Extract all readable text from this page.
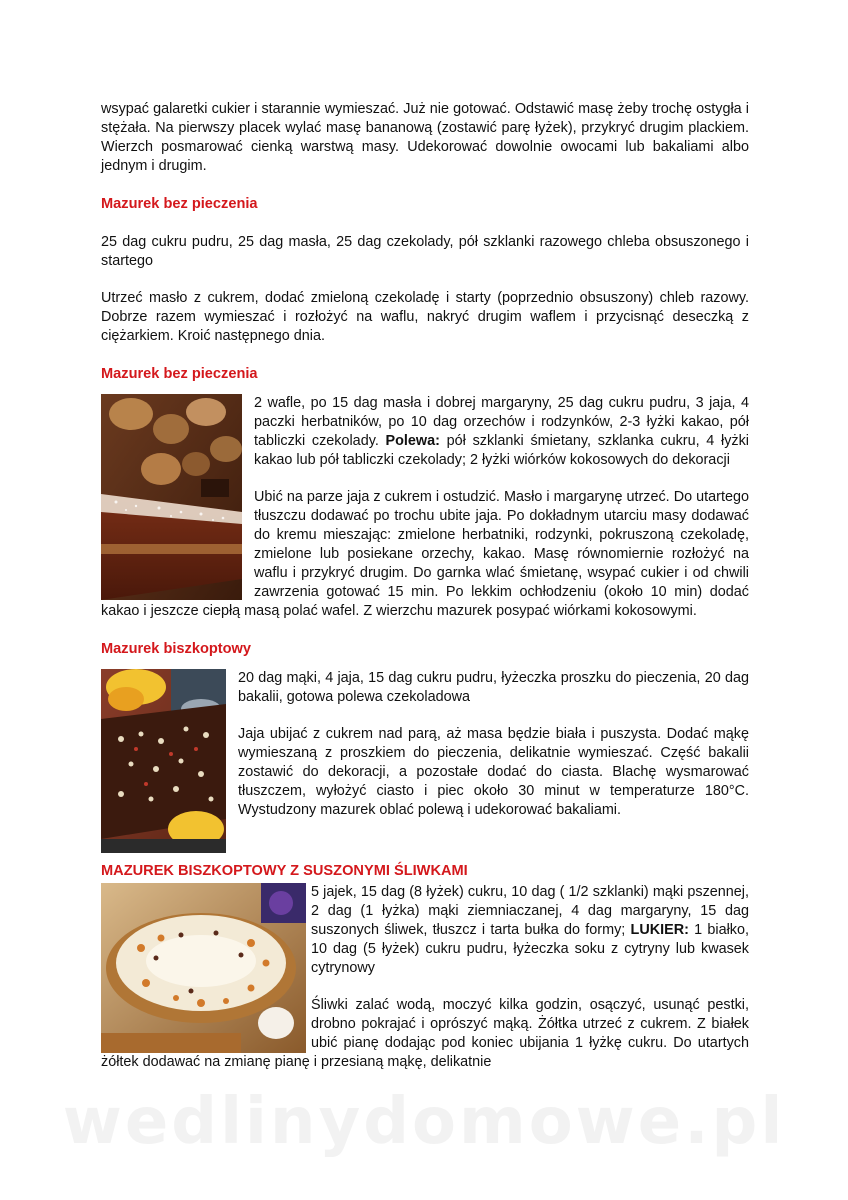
wsypać galaretki cukier i starannie wymieszać. Już nie gotować. Odstawić masę żeby trochę ostygła i stężała. Na pierwszy placek wylać masę bananową (zostawić parę łyżek), przykryć drugim plackiem. Wierzch posmarować cienką warstwą masy. Udekorować dowolnie owocami lub bakaliami albo jednym i drugim.

Mazurek bez pieczenia

25 dag cukru pudru, 25 dag masła, 25 dag czekolady, pół szklanki razowego chleba obsuszonego i startego

Utrzeć masło z cukrem, dodać zmieloną czekoladę i starty (poprzednio obsuszony) chleb razowy. Dobrze razem wymieszać i rozłożyć na waflu, nakryć drugim waflem i przycisnąć deseczką z ciężarkiem. Kroić następnego dnia.

Mazurek bez pieczenia

2 wafle, po 15 dag masła i dobrej margaryny, 25 dag cukru pudru, 3 jaja, 4 paczki herbatników, po 10 dag orzechów i rodzynków, 2-3 łyżki kakao, pół tabliczki czekolady. Polewa: pół szklanki śmietany, szklanka cukru, 4 łyżki kakao lub pół tabliczki czekolady; 2 łyżki wiórków kokosowych do dekoracji

Ubić na parze jaja z cukrem i ostudzić. Masło i margarynę utrzeć. Do utartego tłuszczu dodawać po trochu ubite jaja. Po dokładnym utarciu masy dodawać do kremu mieszając: zmielone herbatniki, rodzynki, pokruszoną czekoladę, zmielone lub posiekane orzechy, kakao. Masę równomiernie rozłożyć na waflu i przykryć drugim. Do garnka wlać śmietanę, wsypać cukier i od chwili zawrzenia gotować 15 min. Po lekkim ochłodzeniu (około 10 min) dodać kakao i jeszcze ciepłą masą polać wafel. Z wierzchu mazurek posypać wiórkami kokosowymi.

Mazurek biszkoptowy

20 dag mąki, 4 jaja, 15 dag cukru pudru, łyżeczka proszku do pieczenia, 20 dag bakalii, gotowa polewa czekoladowa

Jaja ubijać z cukrem nad parą, aż masa będzie biała i puszysta. Dodać mąkę wymieszaną z proszkiem do pieczenia, delikatnie wymieszać. Część bakalii zostawić do dekoracji, a pozostałe dodać do ciasta. Blachę wysmarować tłuszczem, wyłożyć ciasto i piec około 30 minut w temperaturze 180°C. Wystudzony mazurek oblać polewą i udekorować bakaliami.

MAZUREK BISZKOPTOWY Z SUSZONYMI ŚLIWKAMI

5 jajek, 15 dag (8 łyżek) cukru, 10 dag ( 1/2 szklanki) mąki pszennej, 2 dag (1 łyżka) mąki ziemniaczanej, 4 dag margaryny, 15 dag suszonych śliwek, tłuszcz i tarta bułka do formy; LUKIER: 1 białko, 10 dag (5 łyżek) cukru pudru, łyżeczka soku z cytryny lub kwasek cytrynowy

Śliwki zalać wodą, moczyć kilka godzin, osączyć, usunąć pestki, drobno pokrajać i oprószyć mąką. Żółtka utrzeć z cukrem. Z białek ubić pianę dodając pod koniec ubijania 1 łyżkę cukru. Do utartych żółtek dodawać na zmianę pianę i przesianą mąkę, delikatnie

wedlinydomowe.pl
